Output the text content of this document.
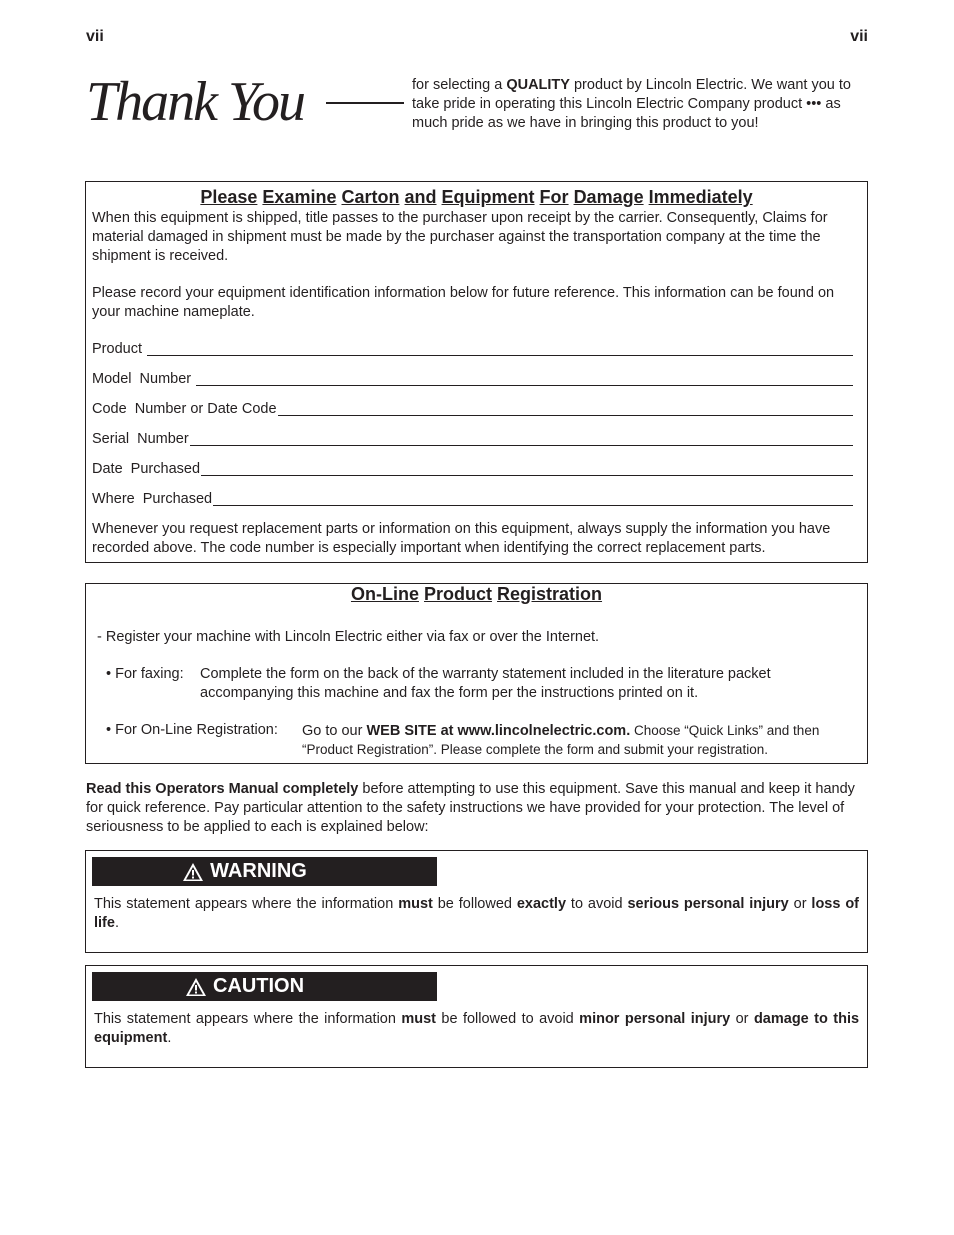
vii	vii
Thank You	for selecting a QUALITY product by Lincoln Electric. We want you to take pride in operating this Lincoln Electric Company product ••• as much pride as we have in bringing this product to you!
Please Examine Carton and Equipment For Damage Immediately

When this equipment is shipped, title passes to the purchaser upon receipt by the carrier. Consequently, Claims for material damaged in shipment must be made by the purchaser against the transportation company at the time the shipment is received.

Please record your equipment identification information below for future reference. This information can be found on your machine nameplate.

Product
Model  Number
Code  Number or Date Code
Serial  Number
Date  Purchased
Where  Purchased

Whenever you request replacement parts or information on this equipment, always supply the information you have recorded above. The code number is especially important when identifying the correct replacement parts.

On-Line Product Registration
- Register your machine with Lincoln Electric either via fax or over the Internet.
• For faxing: Complete the form on the back of the warranty statement included in the literature packet
accompanying this machine and fax the form per the instructions printed on it.
• For On-Line Registration: Go to our WEB SITE at www.lincolnelectric.com. Choose “Quick Links” and then
“Product Registration”. Please complete the form and submit your registration.
Read this Operators Manual completely before attempting to use this equipment. Save this manual and keep it handy for quick reference. Pay particular attention to the safety instructions we have provided for your protection. The level of seriousness to be applied to each is explained below:
WARNING
This statement appears where the information must be followed exactly to avoid serious personal injury or loss of life.
CAUTION
This statement appears where the information must be followed to avoid minor personal injury or damage to this equipment.
